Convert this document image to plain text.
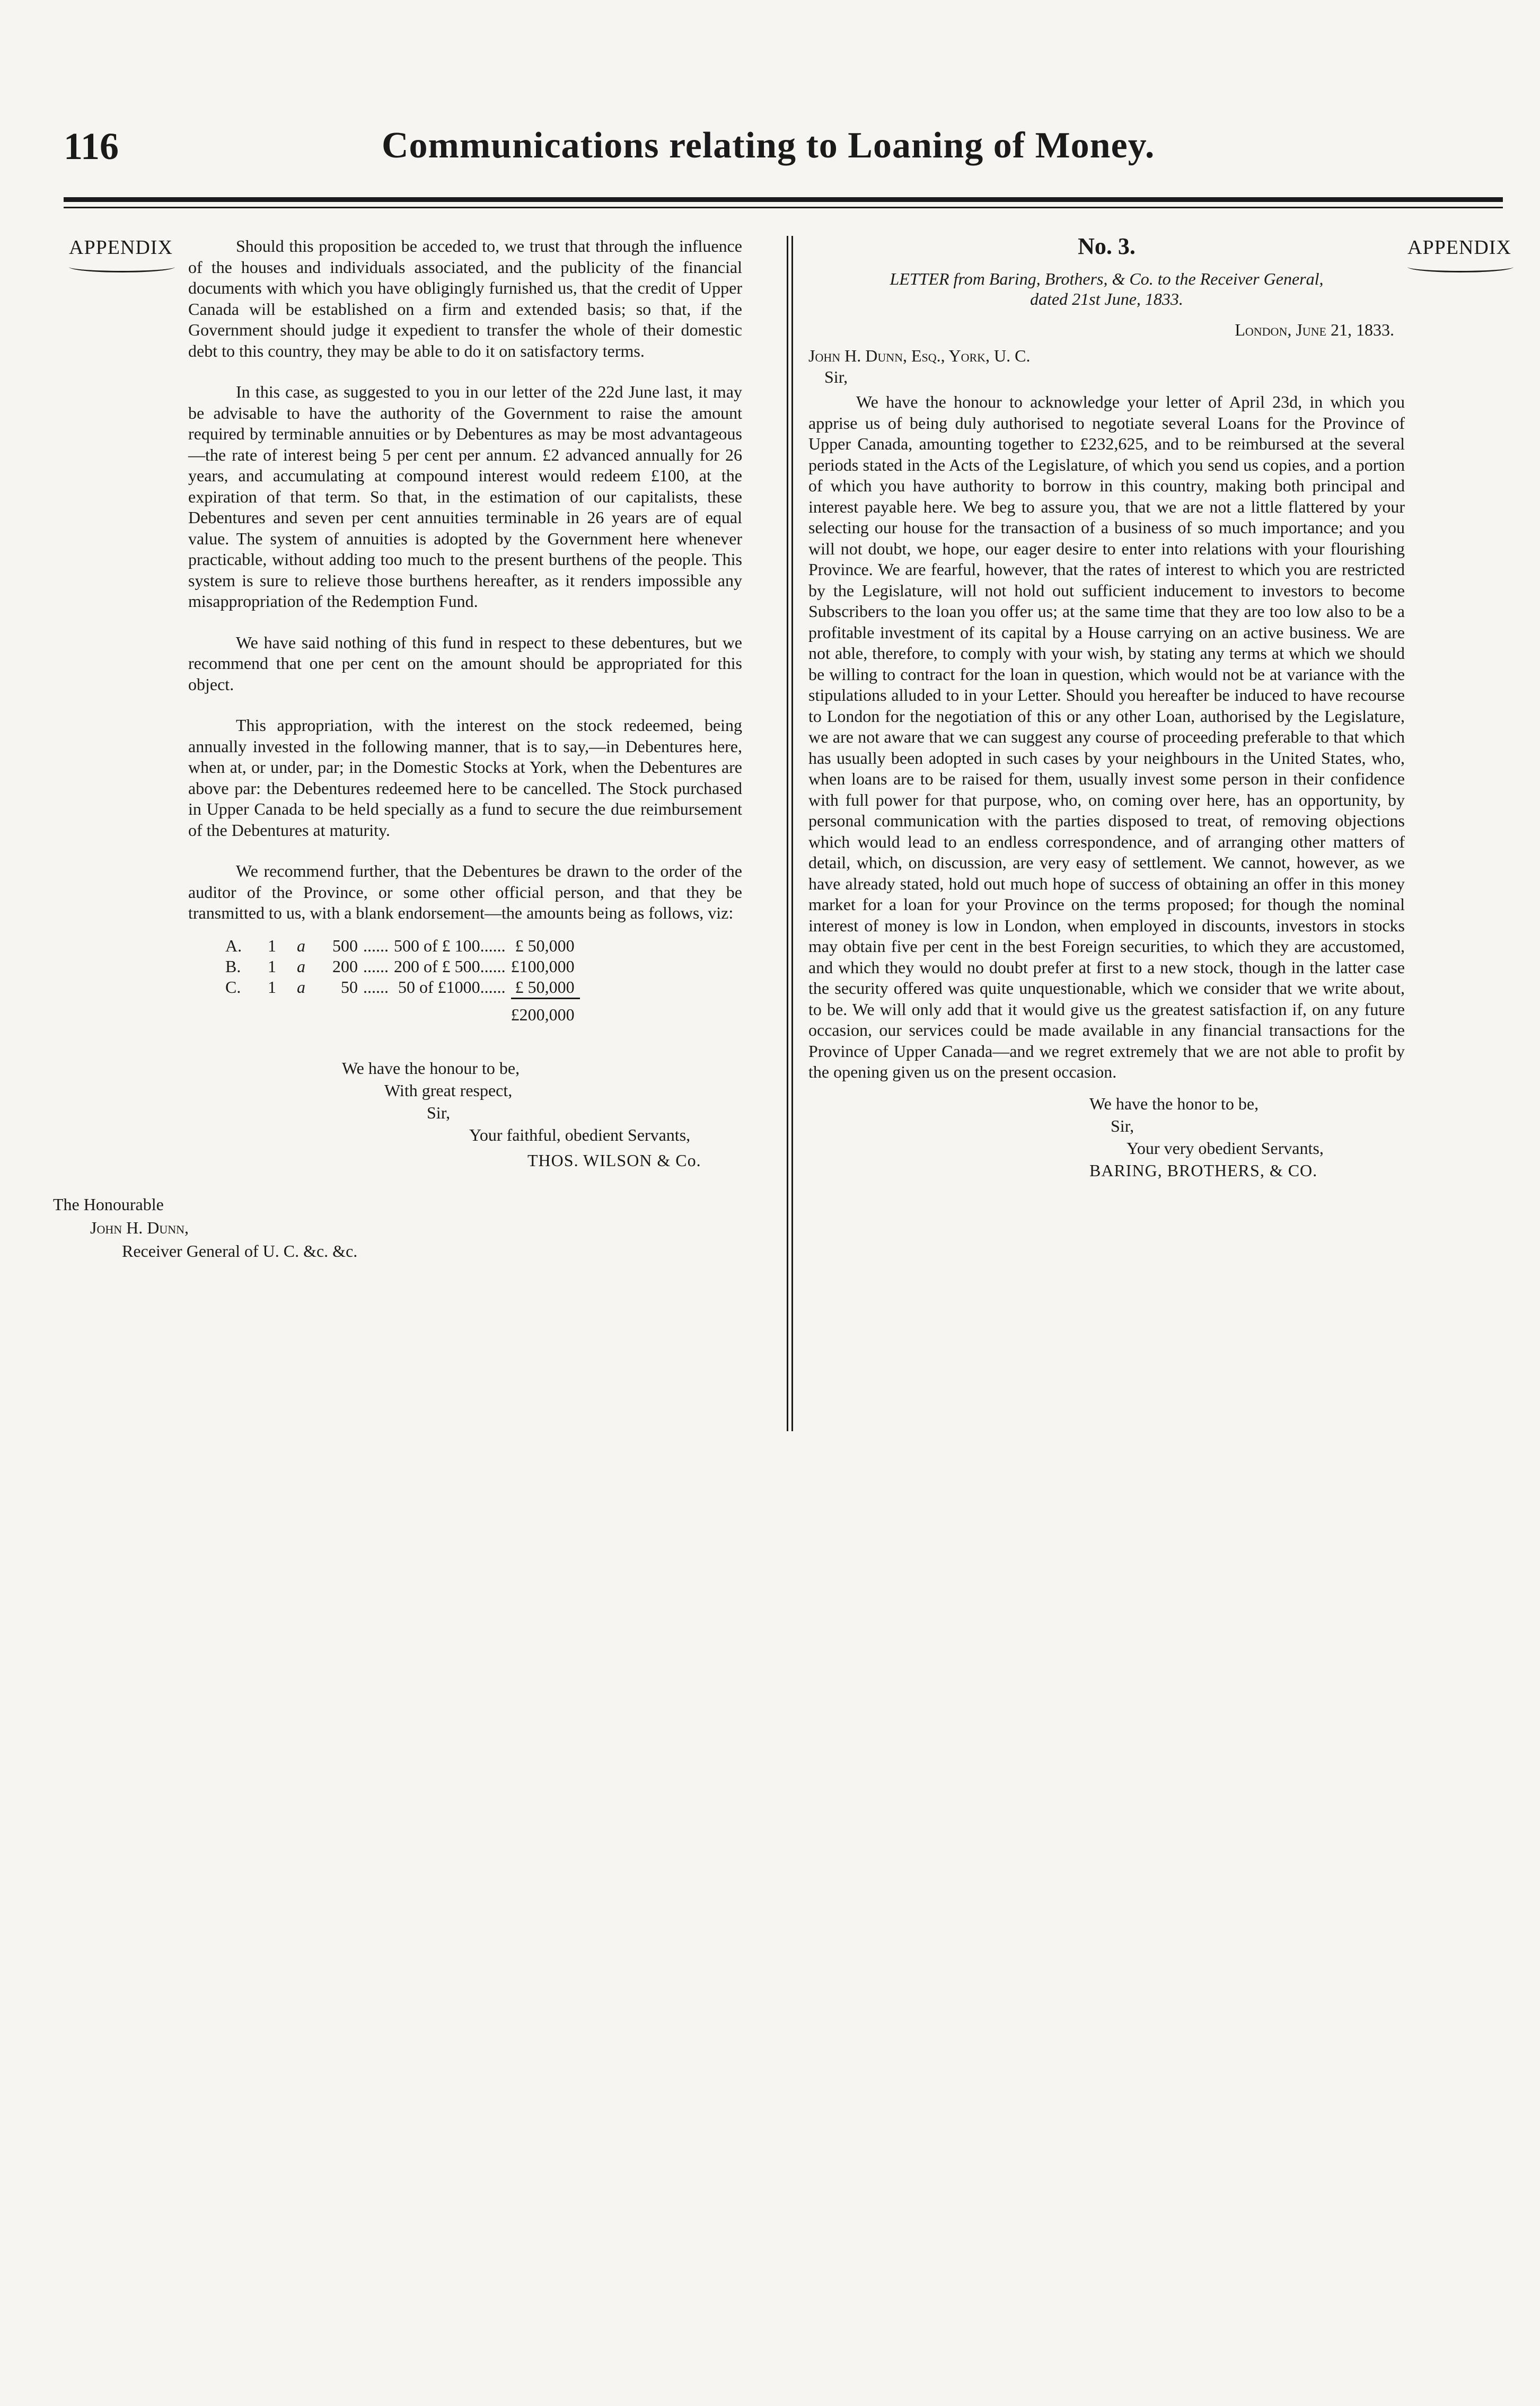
116	Communications relating to Loaning of Money.
APPENDIX	APPENDIX

Should this proposition be acceded to, we trust that through the influence of the houses and individuals associated, and the publicity of the financial documents with which you have obligingly furnished us, that the credit of Upper Canada will be established on a firm and extended basis; so that, if the Government should judge it expedient to transfer the whole of their domestic debt to this country, they may be able to do it on satisfactory terms.

In this case, as suggested to you in our letter of the 22d June last, it may be advisable to have the authority of the Government to raise the amount required by terminable annuities or by Debentures as may be most advantageous—the rate of interest being 5 per cent per annum. £2 advanced annually for 26 years, and accumulating at compound interest would redeem £100, at the expiration of that term. So that, in the estimation of our capitalists, these Debentures and seven per cent annuities terminable in 26 years are of equal value. The system of annuities is adopted by the Government here whenever practicable, without adding too much to the present burthens of the people. This system is sure to relieve those burthens hereafter, as it renders impossible any misappropriation of the Redemption Fund.

We have said nothing of this fund in respect to these debentures, but we recommend that one per cent on the amount should be appropriated for this object.

This appropriation, with the interest on the stock redeemed, being annually invested in the following manner, that is to say,—in Debentures here, when at, or under, par; in the Domestic Stocks at York, when the Debentures are above par: the Debentures redeemed here to be cancelled. The Stock purchased in Upper Canada to be held specially as a fund to secure the due reimbursement of the Debentures at maturity.

We recommend further, that the Debentures be drawn to the order of the auditor of the Province, or some other official person, and that they be transmitted to us, with a blank endorsement—the amounts being as follows, viz:

A.	1	a	500	......	500 of £ 100......	£ 50,000
B.	1	a	200	......	200 of £ 500......	£100,000
C.	1	a	50	......	50 of £1000......	£ 50,000
						£200,000
We have the honour to be,
With great respect,
Sir,
Your faithful, obedient Servants,
THOS. WILSON & Co.
The Honourable
John H. Dunn,
Receiver General of U. C. &c. &c.
No. 3.
LETTER from Baring, Brothers, & Co. to the Receiver General,
dated 21st June, 1833.
London, June 21, 1833.
John H. Dunn, Esq., York, U. C.
Sir,

We have the honour to acknowledge your letter of April 23d, in which you apprise us of being duly authorised to negotiate several Loans for the Province of Upper Canada, amounting together to £232,625, and to be reimbursed at the several periods stated in the Acts of the Legislature, of which you send us copies, and a portion of which you have authority to borrow in this country, making both principal and interest payable here. We beg to assure you, that we are not a little flattered by your selecting our house for the transaction of a business of so much importance; and you will not doubt, we hope, our eager desire to enter into relations with your flourishing Province. We are fearful, however, that the rates of interest to which you are restricted by the Legislature, will not hold out sufficient inducement to investors to become Subscribers to the loan you offer us; at the same time that they are too low also to be a profitable investment of its capital by a House carrying on an active business. We are not able, therefore, to comply with your wish, by stating any terms at which we should be willing to contract for the loan in question, which would not be at variance with the stipulations alluded to in your Letter. Should you hereafter be induced to have recourse to London for the negotiation of this or any other Loan, authorised by the Legislature, we are not aware that we can suggest any course of proceeding preferable to that which has usually been adopted in such cases by your neighbours in the United States, who, when loans are to be raised for them, usually invest some person in their confidence with full power for that purpose, who, on coming over here, has an opportunity, by personal communication with the parties disposed to treat, of removing objections which would lead to an endless correspondence, and of arranging other matters of detail, which, on discussion, are very easy of settlement. We cannot, however, as we have already stated, hold out much hope of success of obtaining an offer in this money market for a loan for your Province on the terms proposed; for though the nominal interest of money is low in London, when employed in discounts, investors in stocks may obtain five per cent in the best Foreign securities, to which they are accustomed, and which they would no doubt prefer at first to a new stock, though in the latter case the security offered was quite unquestionable, which we consider that we write about, to be. We will only add that it would give us the greatest satisfaction if, on any future occasion, our services could be made available in any financial transactions for the Province of Upper Canada—and we regret extremely that we are not able to profit by the opening given us on the present occasion.

We have the honor to be,
Sir,
Your very obedient Servants,
BARING, BROTHERS, & CO.
